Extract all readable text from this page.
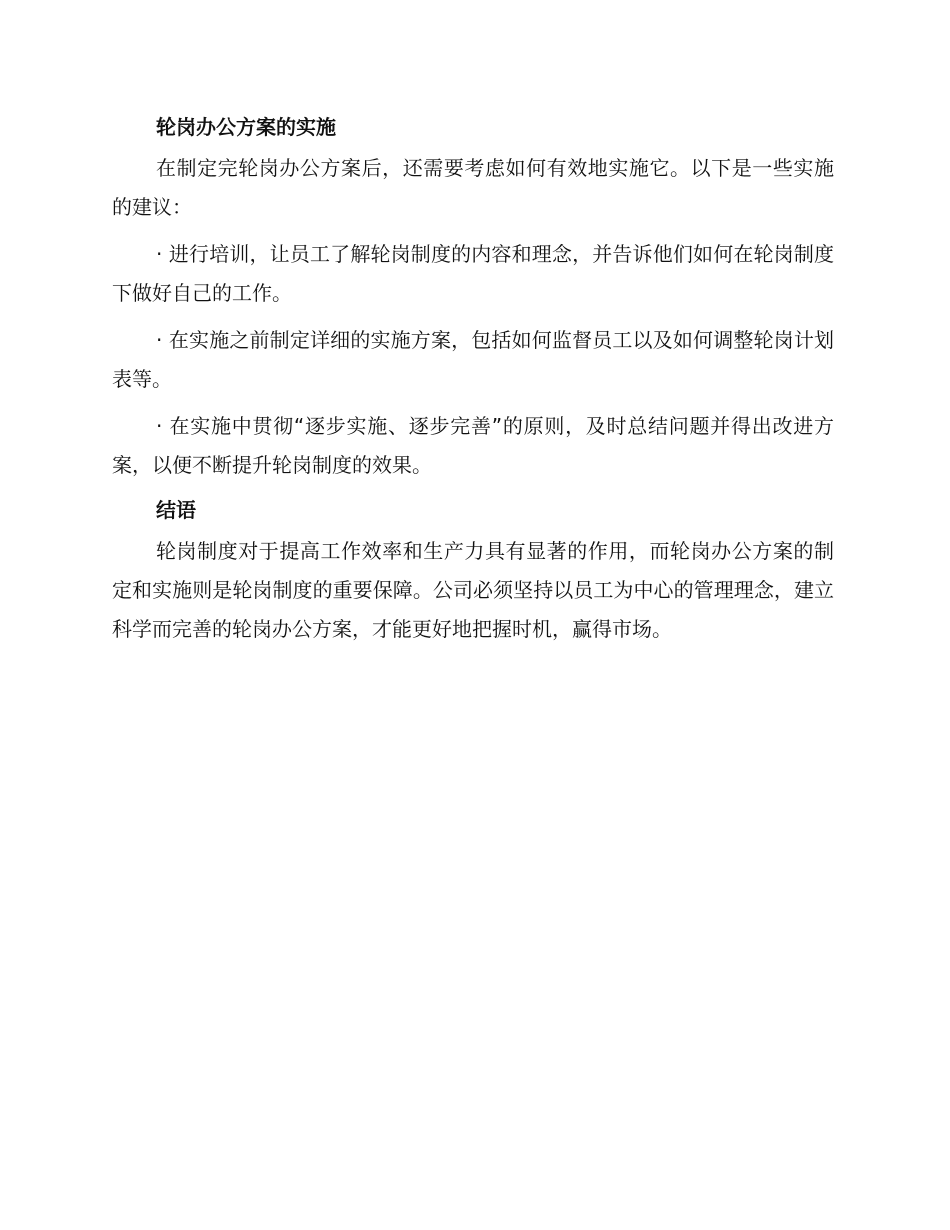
轮岗办公方案的实施

在制定完轮岗办公方案后，还需要考虑如何有效地实施它。以下是一些实施的建议：

· 进行培训，让员工了解轮岗制度的内容和理念，并告诉他们如何在轮岗制度下做好自己的工作。

· 在实施之前制定详细的实施方案，包括如何监督员工以及如何调整轮岗计划表等。

· 在实施中贯彻“逐步实施、逐步完善”的原则，及时总结问题并得出改进方案，以便不断提升轮岗制度的效果。

结语

轮岗制度对于提高工作效率和生产力具有显著的作用，而轮岗办公方案的制定和实施则是轮岗制度的重要保障。公司必须坚持以员工为中心的管理理念，建立科学而完善的轮岗办公方案，才能更好地把握时机，赢得市场。
